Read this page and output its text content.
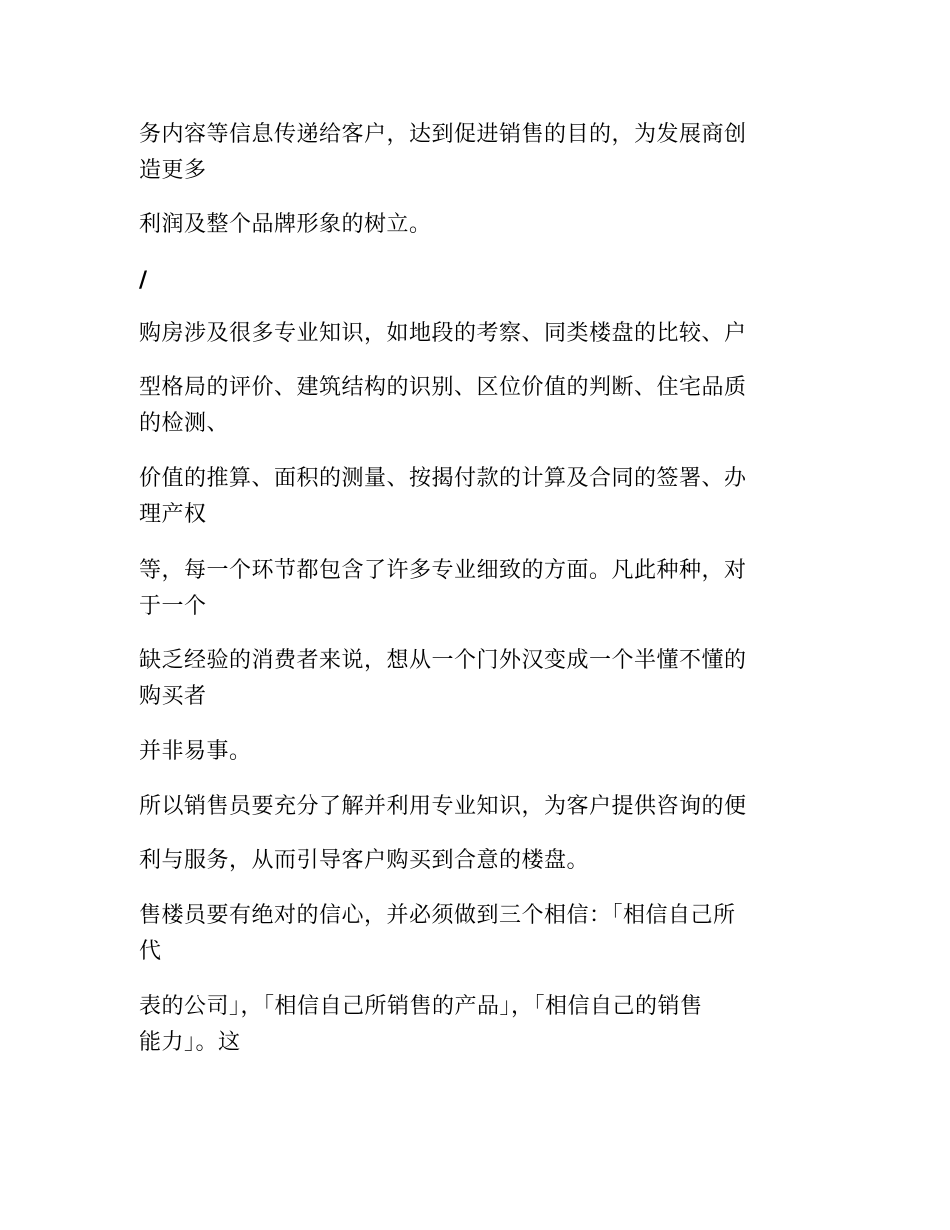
务内容等信息传递给客户，达到促进销售的目的，为发展商创
造更多

利润及整个品牌形象的树立。

/

购房涉及很多专业知识，如地段的考察、同类楼盘的比较、户

型格局的评价、建筑结构的识别、区位价值的判断、住宅品质
的检测、

价值的推算、面积的测量、按揭付款的计算及合同的签署、办
理产权

等，每一个环节都包含了许多专业细致的方面。凡此种种，对
于一个

缺乏经验的消费者来说，想从一个门外汉变成一个半懂不懂的
购买者

并非易事。

所以销售员要充分了解并利用专业知识，为客户提供咨询的便

利与服务，从而引导客户购买到合意的楼盘。

售楼员要有绝对的信心，并必须做到三个相信：「相信自己所
代

表的公司」，「相信自己所销售的产品」，「相信自己的销售
能力」。这
